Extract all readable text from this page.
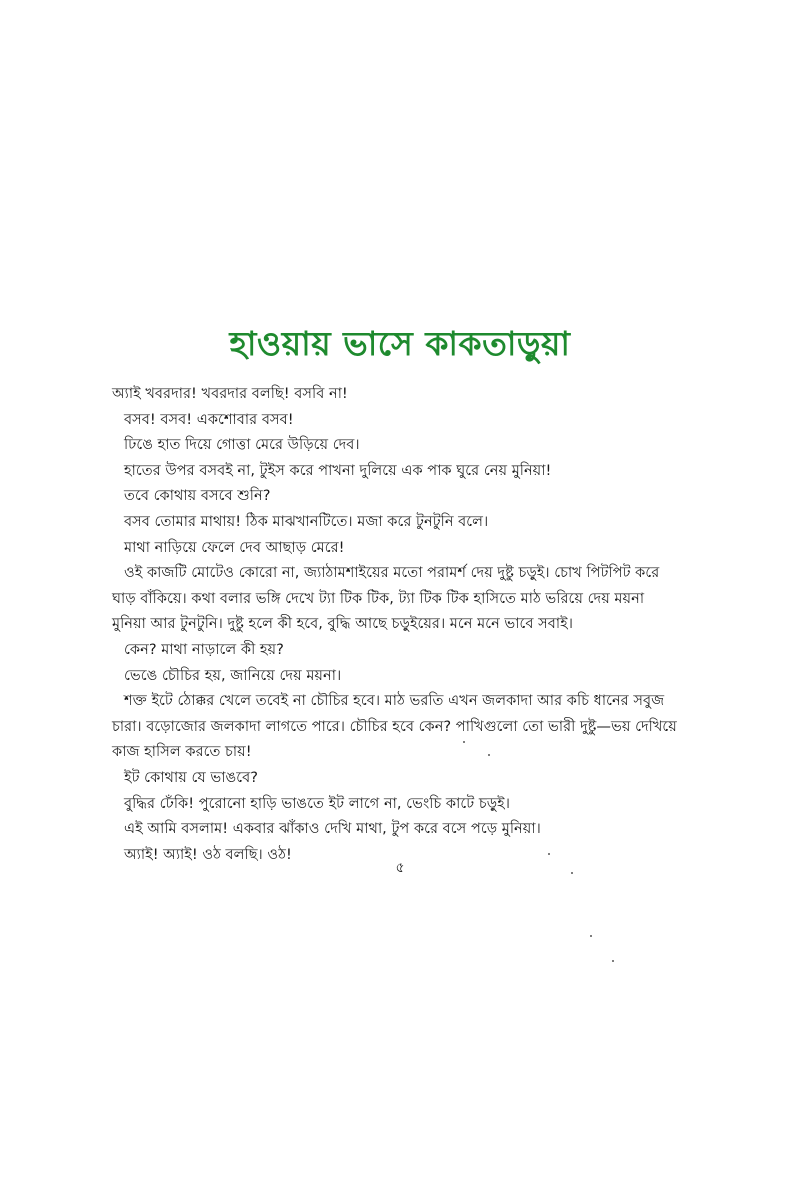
হাওয়ায় ভাসে কাকতাড়ুয়া
অ্যাই খবরদার! খবরদার বলছি! বসবি না!
বসব! বসব! একশোবার বসব!
ঢিঙে হাত দিয়ে গোত্তা মেরে উড়িয়ে দেব।
হাতের উপর বসবই না, টুইস করে পাখনা দুলিয়ে এক পাক ঘুরে নেয় মুনিয়া!
তবে কোথায় বসবে শুনি?
বসব তোমার মাথায়! ঠিক মাঝখানটিতে। মজা করে টুনটুনি বলে।
মাথা নাড়িয়ে ফেলে দেব আছাড় মেরে!
ওই কাজটি মোটেও কোরো না, জ্যাঠামশাইয়ের মতো পরামর্শ দেয় দুষ্টু চড়ুই। চোখ পিটপিট করে
ঘাড় বাঁকিয়ে। কথা বলার ভঙ্গি দেখে ট্যা টিক টিক, ট্যা টিক টিক হাসিতে মাঠ ভরিয়ে দেয় ময়না
মুনিয়া আর টুনটুনি। দুষ্টু হলে কী হবে, বুদ্ধি আছে চড়ুইয়ের। মনে মনে ভাবে সবাই।
কেন? মাথা নাড়ালে কী হয়?
ভেঙে চৌচির হয়, জানিয়ে দেয় ময়না।
শক্ত ইটে ঠোক্কর খেলে তবেই না চৌচির হবে। মাঠ ভরতি এখন জলকাদা আর কচি ধানের সবুজ
চারা। বড়োজোর জলকাদা লাগতে পারে। চৌচির হবে কেন? পাখিগুলো তো ভারী দুষ্টু—ভয় দেখিয়ে
কাজ হাসিল করতে চায়!
ইট কোথায় যে ভাঙবে?
বুদ্ধির ঢেঁকি! পুরোনো হাড়ি ভাঙতে ইট লাগে না, ভেংচি কাটে চড়ুই।
এই আমি বসলাম! একবার ঝাঁকাও দেখি মাথা, টুপ করে বসে পড়ে মুনিয়া।
অ্যাই! অ্যাই! ওঠ বলছি। ওঠ!
৫
